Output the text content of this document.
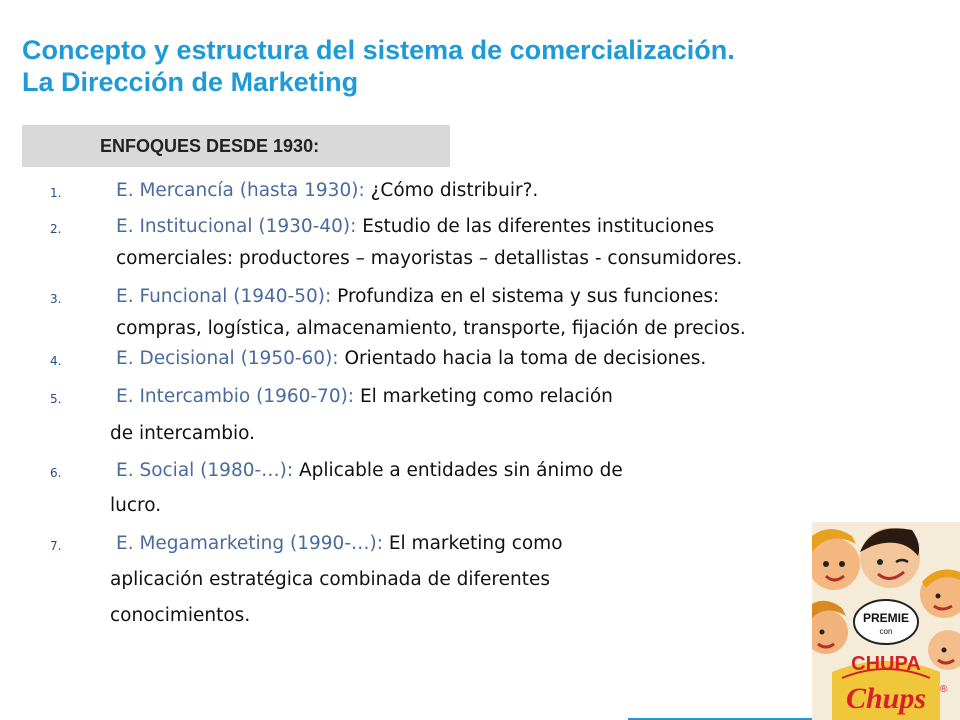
Concepto y estructura del sistema de comercialización.
La Dirección de Marketing
ENFOQUES DESDE 1930:
1.	E. Mercancía (hasta 1930): ¿Cómo distribuir?.
2.	E. Institucional (1930-40): Estudio de las diferentes instituciones
comerciales: productores – mayoristas – detallistas - consumidores.
3.	E. Funcional (1940-50): Profundiza en el sistema y sus funciones:
compras, logística, almacenamiento, transporte, fijación de precios.
4.	E. Decisional (1950-60): Orientado hacia la toma de decisiones.
5.	E. Intercambio (1960-70): El marketing como relación
de intercambio.
6.	E. Social (1980-…): Aplicable a entidades sin ánimo de
lucro.
7.	E. Megamarketing (1990-…): El marketing como
aplicación estratégica combinada de diferentes
conocimientos.	PREMIE
con
CHUPA
Chups ®
